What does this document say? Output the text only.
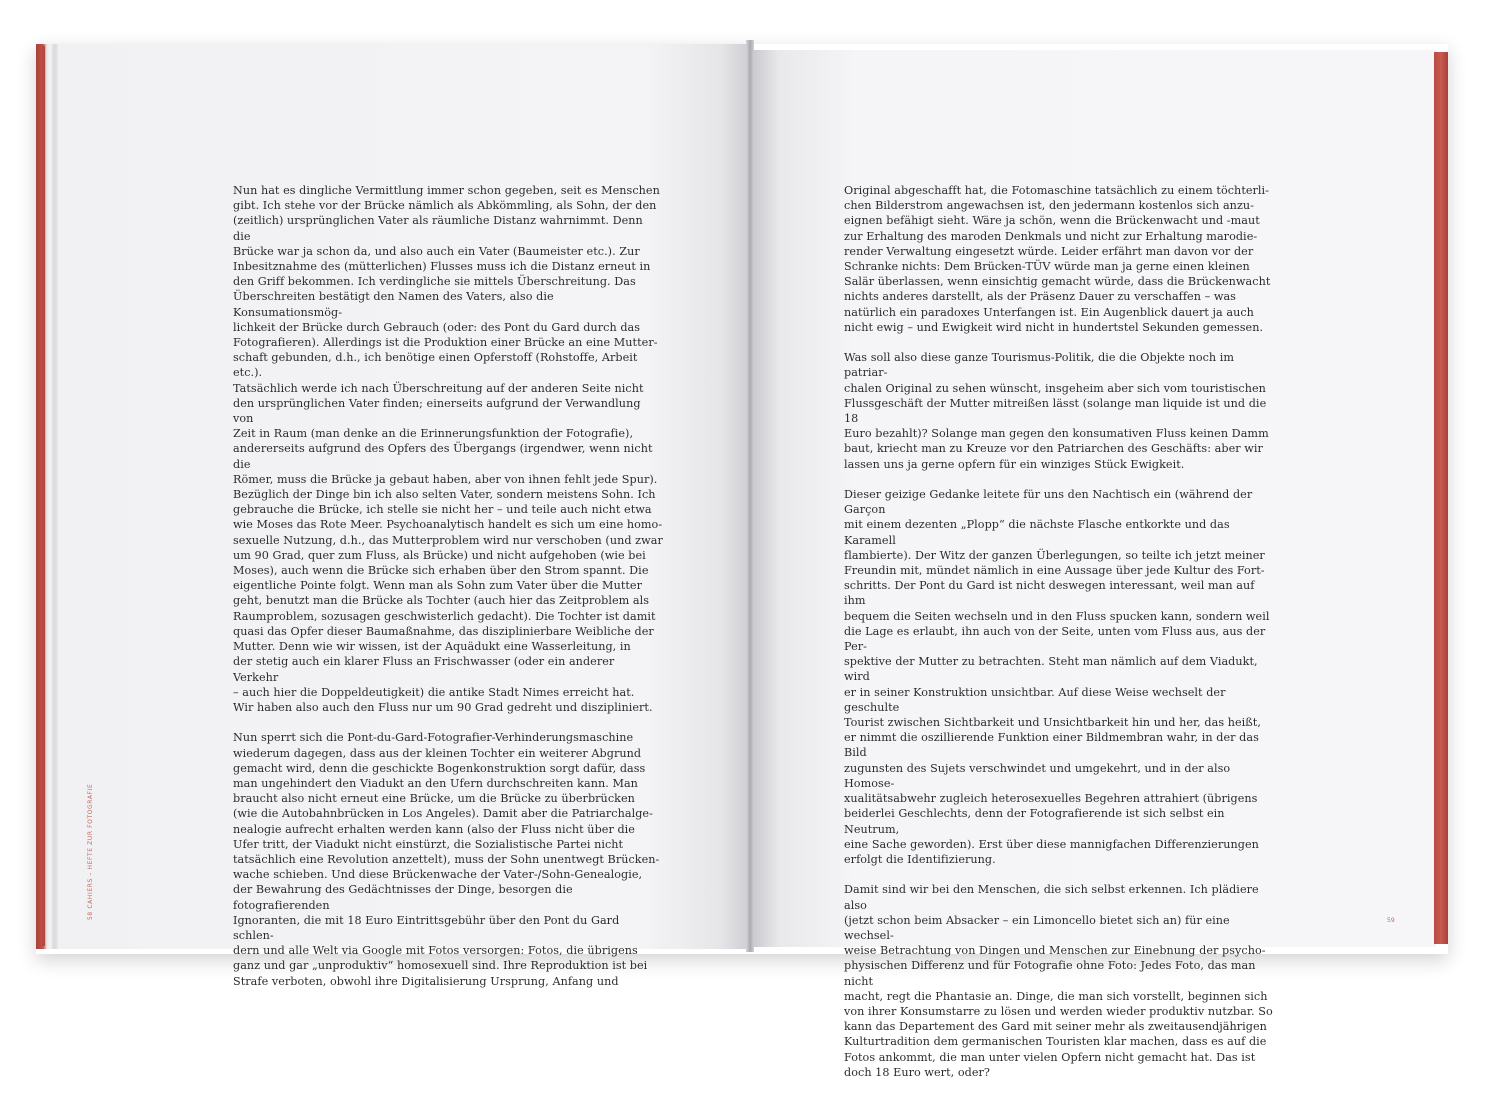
Nun hat es dingliche Vermittlung immer schon gegeben, seit es Menschen
gibt. Ich stehe vor der Brücke nämlich als Abkömmling, als Sohn, der den
(zeitlich) ursprünglichen Vater als räumliche Distanz wahrnimmt. Denn die
Brücke war ja schon da, und also auch ein Vater (Baumeister etc.). Zur
Inbesitznahme des (mütterlichen) Flusses muss ich die Distanz erneut in
den Griff bekommen. Ich verdingliche sie mittels Überschreitung. Das
Überschreiten bestätigt den Namen des Vaters, also die Konsumationsmög-
lichkeit der Brücke durch Gebrauch (oder: des Pont du Gard durch das
Fotografieren). Allerdings ist die Produktion einer Brücke an eine Mutter-
schaft gebunden, d.h., ich benötige einen Opferstoff (Rohstoffe, Arbeit etc.).
Tatsächlich werde ich nach Überschreitung auf der anderen Seite nicht
den ursprünglichen Vater finden; einerseits aufgrund der Verwandlung von
Zeit in Raum (man denke an die Erinnerungsfunktion der Fotografie),
andererseits aufgrund des Opfers des Übergangs (irgendwer, wenn nicht die
Römer, muss die Brücke ja gebaut haben, aber von ihnen fehlt jede Spur).
Bezüglich der Dinge bin ich also selten Vater, sondern meistens Sohn. Ich
gebrauche die Brücke, ich stelle sie nicht her – und teile auch nicht etwa
wie Moses das Rote Meer. Psychoanalytisch handelt es sich um eine homo-
sexuelle Nutzung, d.h., das Mutterproblem wird nur verschoben (und zwar
um 90 Grad, quer zum Fluss, als Brücke) und nicht aufgehoben (wie bei
Moses), auch wenn die Brücke sich erhaben über den Strom spannt. Die
eigentliche Pointe folgt. Wenn man als Sohn zum Vater über die Mutter
geht, benutzt man die Brücke als Tochter (auch hier das Zeitproblem als
Raumproblem, sozusagen geschwisterlich gedacht). Die Tochter ist damit
quasi das Opfer dieser Baumaßnahme, das disziplinierbare Weibliche der
Mutter. Denn wie wir wissen, ist der Aquädukt eine Wasserleitung, in
der stetig auch ein klarer Fluss an Frischwasser (oder ein anderer Verkehr
– auch hier die Doppeldeutigkeit) die antike Stadt Nimes erreicht hat.
Wir haben also auch den Fluss nur um 90 Grad gedreht und diszipliniert.

Nun sperrt sich die Pont-du-Gard-Fotografier-Verhinderungsmaschine
wiederum dagegen, dass aus der kleinen Tochter ein weiterer Abgrund
gemacht wird, denn die geschickte Bogenkonstruktion sorgt dafür, dass
man ungehindert den Viadukt an den Ufern durchschreiten kann. Man
braucht also nicht erneut eine Brücke, um die Brücke zu überbrücken
(wie die Autobahnbrücken in Los Angeles). Damit aber die Patriarchalge-
nealogie aufrecht erhalten werden kann (also der Fluss nicht über die
Ufer tritt, der Viadukt nicht einstürzt, die Sozialistische Partei nicht
tatsächlich eine Revolution anzettelt), muss der Sohn unentwegt Brücken-
wache schieben. Und diese Brückenwache der Vater-/Sohn-Genealogie,
der Bewahrung des Gedächtnisses der Dinge, besorgen die fotografierenden
Ignoranten, die mit 18 Euro Eintrittsgebühr über den Pont du Gard schlen-
dern und alle Welt via Google mit Fotos versorgen: Fotos, die übrigens
ganz und gar „unproduktiv“ homosexuell sind. Ihre Reproduktion ist bei
Strafe verboten, obwohl ihre Digitalisierung Ursprung, Anfang und

Original abgeschafft hat, die Fotomaschine tatsächlich zu einem töchterli-
chen Bilderstrom angewachsen ist, den jedermann kostenlos sich anzu-
eignen befähigt sieht. Wäre ja schön, wenn die Brückenwacht und -maut
zur Erhaltung des maroden Denkmals und nicht zur Erhaltung marodie-
render Verwaltung eingesetzt würde. Leider erfährt man davon vor der
Schranke nichts: Dem Brücken-TÜV würde man ja gerne einen kleinen
Salär überlassen, wenn einsichtig gemacht würde, dass die Brückenwacht
nichts anderes darstellt, als der Präsenz Dauer zu verschaffen – was
natürlich ein paradoxes Unterfangen ist. Ein Augenblick dauert ja auch
nicht ewig – und Ewigkeit wird nicht in hundertstel Sekunden gemessen.

Was soll also diese ganze Tourismus-Politik, die die Objekte noch im patriar-
chalen Original zu sehen wünscht, insgeheim aber sich vom touristischen
Flussgeschäft der Mutter mitreißen lässt (solange man liquide ist und die 18
Euro bezahlt)? Solange man gegen den konsumativen Fluss keinen Damm
baut, kriecht man zu Kreuze vor den Patriarchen des Geschäfts: aber wir
lassen uns ja gerne opfern für ein winziges Stück Ewigkeit.

Dieser geizige Gedanke leitete für uns den Nachtisch ein (während der Garçon
mit einem dezenten „Plopp“ die nächste Flasche entkorkte und das Karamell
flambierte). Der Witz der ganzen Überlegungen, so teilte ich jetzt meiner
Freundin mit, mündet nämlich in eine Aussage über jede Kultur des Fort-
schritts. Der Pont du Gard ist nicht deswegen interessant, weil man auf ihm
bequem die Seiten wechseln und in den Fluss spucken kann, sondern weil
die Lage es erlaubt, ihn auch von der Seite, unten vom Fluss aus, aus der Per-
spektive der Mutter zu betrachten. Steht man nämlich auf dem Viadukt, wird
er in seiner Konstruktion unsichtbar. Auf diese Weise wechselt der geschulte
Tourist zwischen Sichtbarkeit und Unsichtbarkeit hin und her, das heißt,
er nimmt die oszillierende Funktion einer Bildmembran wahr, in der das Bild
zugunsten des Sujets verschwindet und umgekehrt, und in der also Homose-
xualitätsabwehr zugleich heterosexuelles Begehren attrahiert (übrigens
beiderlei Geschlechts, denn der Fotografierende ist sich selbst ein Neutrum,
eine Sache geworden). Erst über diese mannigfachen Differenzierungen
erfolgt die Identifizierung.

Damit sind wir bei den Menschen, die sich selbst erkennen. Ich plädiere also
(jetzt schon beim Absacker – ein Limoncello bietet sich an) für eine wechsel-
weise Betrachtung von Dingen und Menschen zur Einebnung der psycho-
physischen Differenz und für Fotografie ohne Foto: Jedes Foto, das man nicht
macht, regt die Phantasie an. Dinge, die man sich vorstellt, beginnen sich
von ihrer Konsumstarre zu lösen und werden wieder produktiv nutzbar. So
kann das Departement des Gard mit seiner mehr als zweitausendjährigen
Kulturtradition dem germanischen Touristen klar machen, dass es auf die
Fotos ankommt, die man unter vielen Opfern nicht gemacht hat. Das ist
doch 18 Euro wert, oder?

58 CAHIERS – HEFTE ZUR FOTOGRAFIE
59
